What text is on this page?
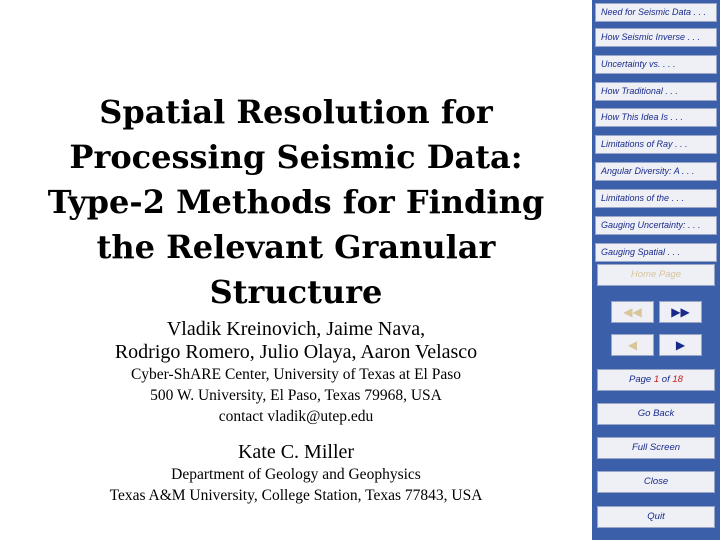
Spatial Resolution for
Processing Seismic Data:
Type-2 Methods for Finding
the Relevant Granular
Structure
Vladik Kreinovich, Jaime Nava,
Rodrigo Romero, Julio Olaya, Aaron Velasco
Cyber-ShARE Center, University of Texas at El Paso
500 W. University, El Paso, Texas 79968, USA
contact vladik@utep.edu
Kate C. Miller
Department of Geology and Geophysics
Texas A&M University, College Station, Texas 77843, USA
Need for Seismic Data . . .
How Seismic Inverse . . .
Uncertainty vs. . . .
How Traditional . . .
How This Idea Is . . .
Limitations of Ray . . .
Angular Diversity: A . . .
Limitations of the . . .
Gauging Uncertainty: . . .
Gauging Spatial . . .
Home Page
◀◀	▶▶
◀	▶
Page 1 of 18
Go Back
Full Screen
Close
Quit
